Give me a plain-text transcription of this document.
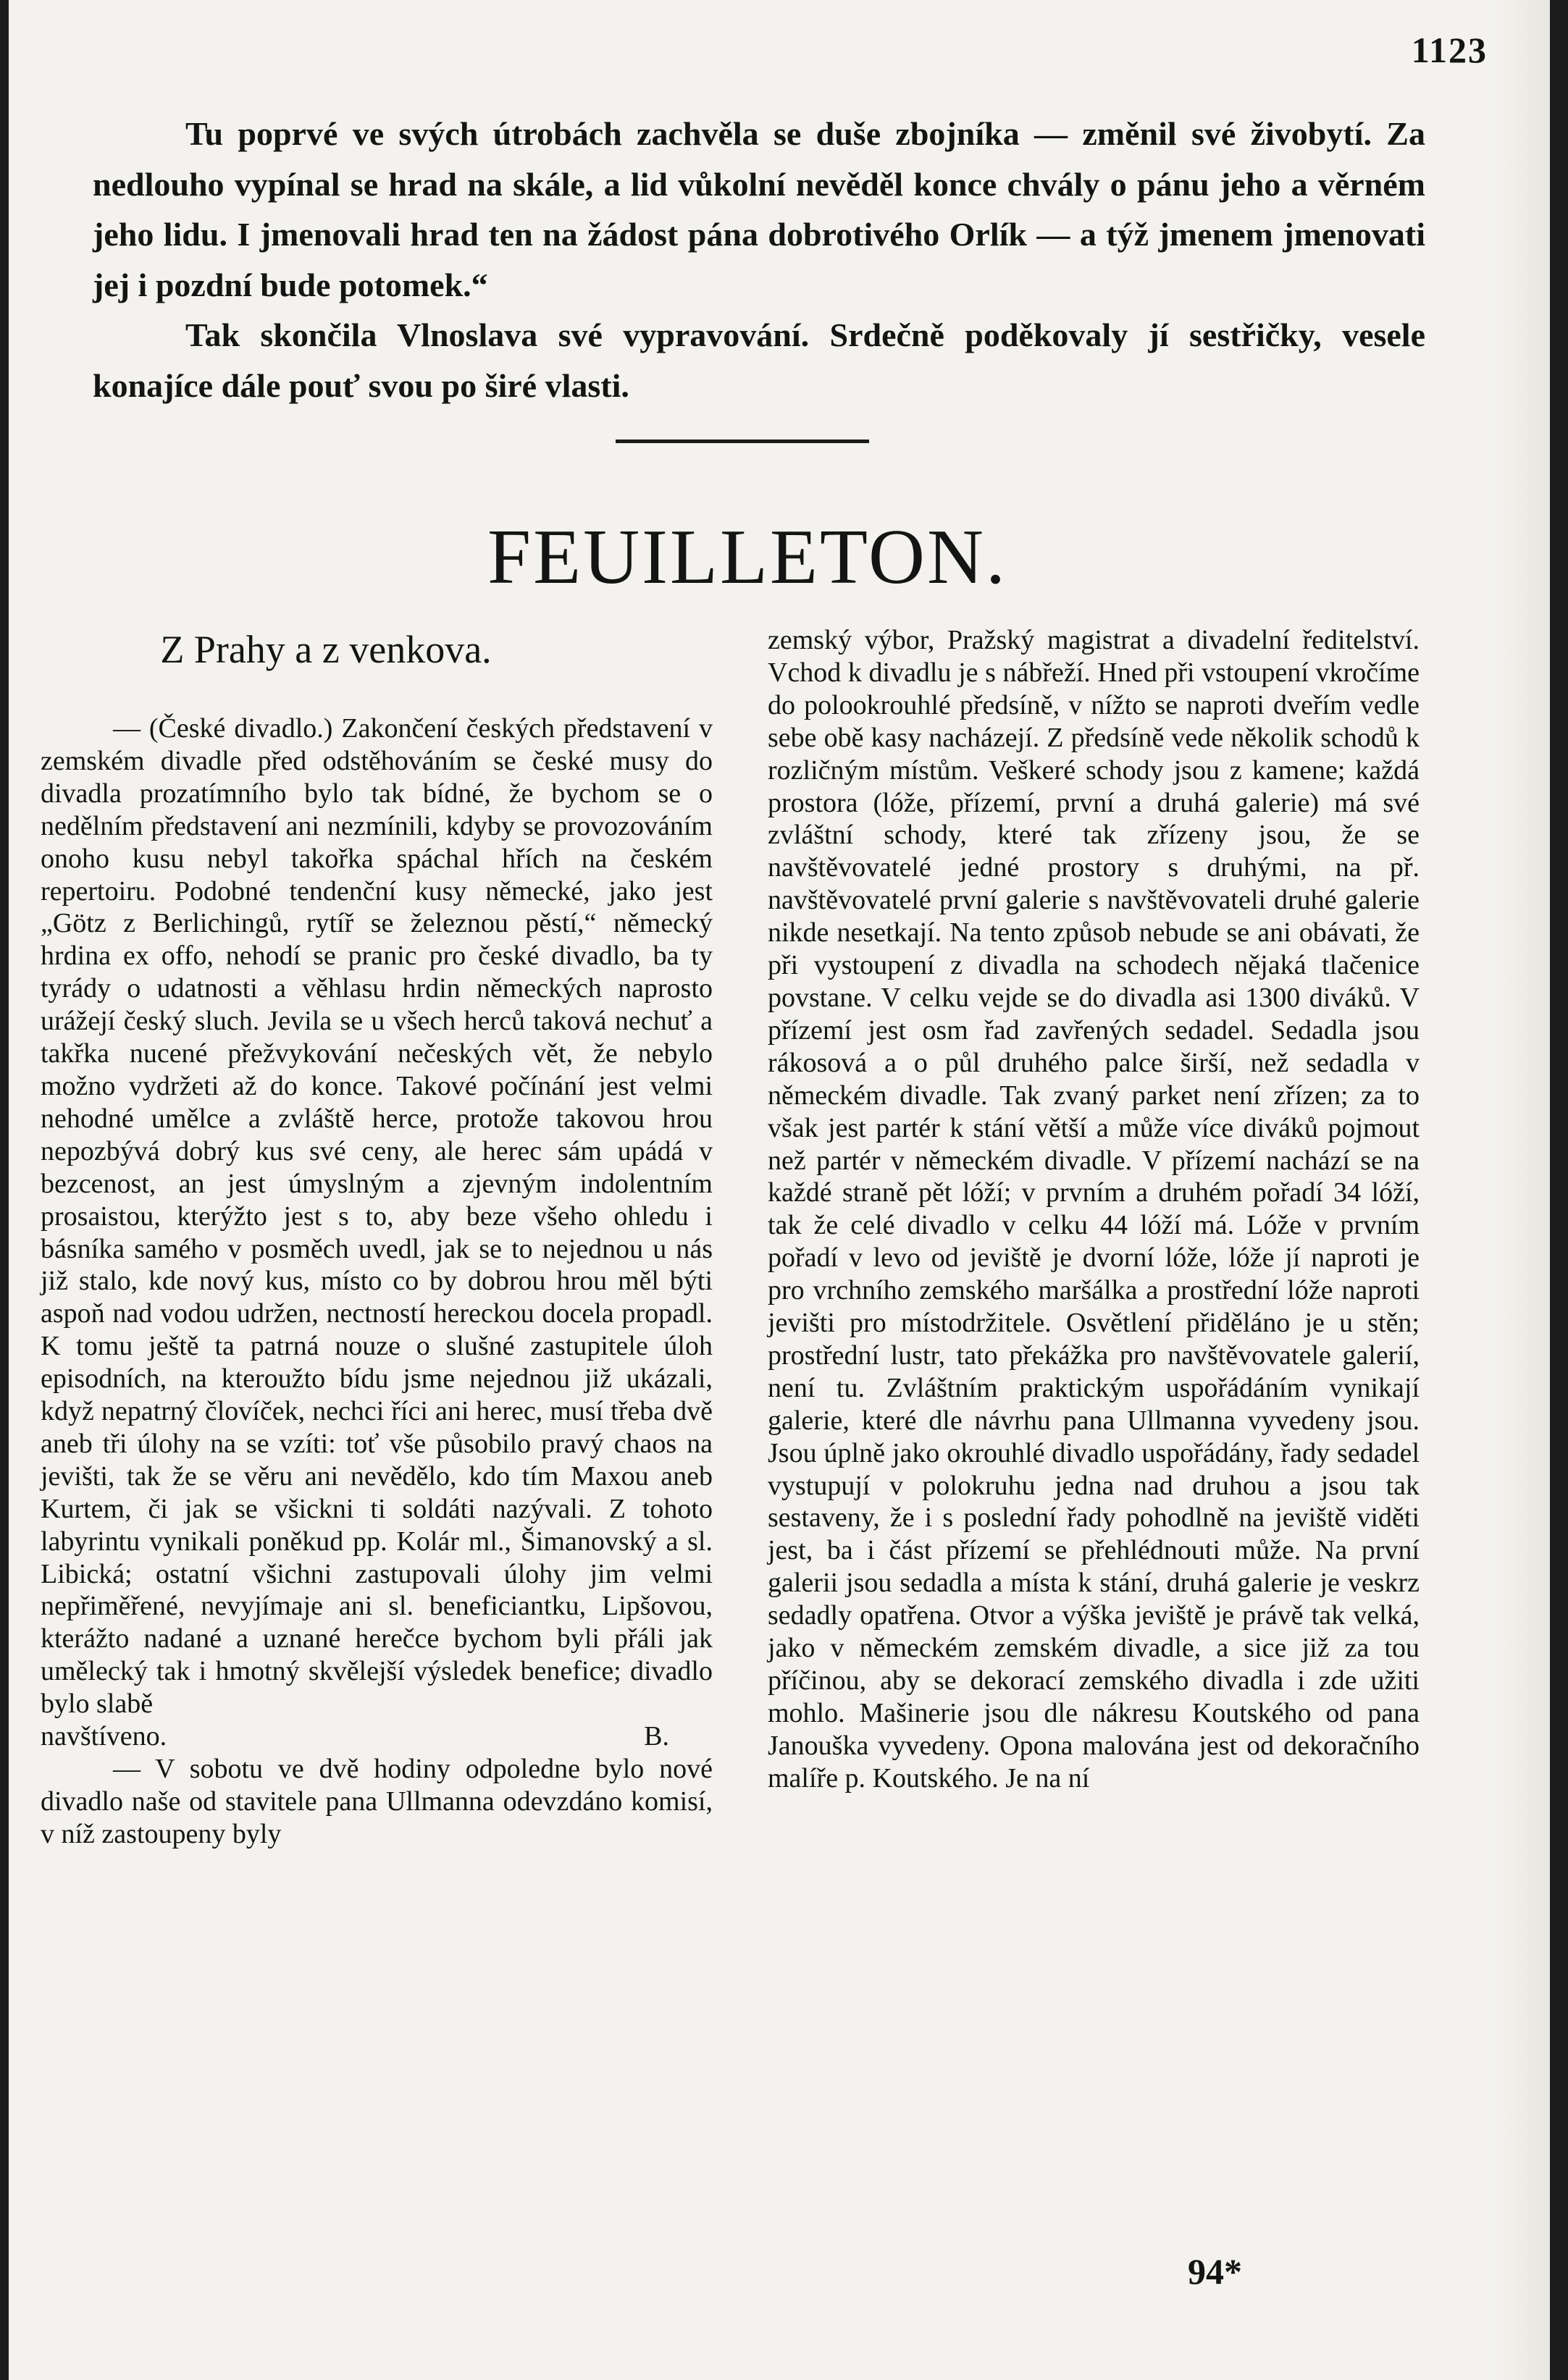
1123

Tu poprvé ve svých útrobách zachvěla se duše zbojníka — změnil své živobytí. Za nedlouho vypínal se hrad na skále, a lid vůkolní nevěděl konce chvály o pánu jeho a věrném jeho lidu. I jmenovali hrad ten na žádost pána dobrotivého Orlík — a týž jmenem jmenovati jej i pozdní bude potomek.“

Tak skončila Vlnoslava své vypravování. Srdečně poděkovaly jí sestřičky, vesele konajíce dále pouť svou po širé vlasti.

FEUILLETON.
Z Prahy a z venkova.

— (České divadlo.) Zakončení českých představení v zemském divadle před odstěhováním se české musy do divadla prozatímního bylo tak bídné, že bychom se o nedělním představení ani nezmínili, kdyby se provozováním onoho kusu nebyl takořka spáchal hřích na českém repertoiru. Podobné tendenční kusy německé, jako jest „Götz z Berlichingů, rytíř se železnou pěstí,“ německý hrdina ex offo, nehodí se pranic pro české divadlo, ba ty tyrády o udatnosti a věhlasu hrdin německých naprosto urážejí český sluch. Jevila se u všech herců taková nechuť a takřka nucené přežvykování nečeských vět, že nebylo možno vydržeti až do konce. Takové počínání jest velmi nehodné umělce a zvláště herce, protože takovou hrou nepozbývá dobrý kus své ceny, ale herec sám upádá v bezcenost, an jest úmyslným a zjevným indolentním prosaistou, kterýžto jest s to, aby beze všeho ohledu i básníka samého v posměch uvedl, jak se to nejednou u nás již stalo, kde nový kus, místo co by dobrou hrou měl býti aspoň nad vodou udržen, nectností hereckou docela propadl. K tomu ještě ta patrná nouze o slušné zastupitele úloh episodních, na kteroužto bídu jsme nejednou již ukázali, když nepatrný človíček, nechci říci ani herec, musí třeba dvě aneb tři úlohy na se vzíti: toť vše působilo pravý chaos na jevišti, tak že se věru ani nevědělo, kdo tím Maxou aneb Kurtem, či jak se všickni ti soldáti nazývali. Z tohoto labyrintu vynikali poněkud pp. Kolár ml., Šimanovský a sl. Libická; ostatní všichni zastupovali úlohy jim velmi nepřiměřené, nevyjímaje ani sl. beneficiantku, Lipšovou, kterážto nadané a uznané herečce bychom byli přáli jak umělecký tak i hmotný skvělejší výsledek benefice; divadlo bylo slabě

navštíveno.	B.

— V sobotu ve dvě hodiny odpoledne bylo nové divadlo naše od stavitele pana Ullmanna odevzdáno komisí, v níž zastoupeny byly

zemský výbor, Pražský magistrat a divadelní ředitelství. Vchod k divadlu je s nábřeží. Hned při vstoupení vkročíme do polookrouhlé předsíně, v nížto se naproti dveřím vedle sebe obě kasy nacházejí. Z předsíně vede několik schodů k rozličným místům. Veškeré schody jsou z kamene; každá prostora (lóže, přízemí, první a druhá galerie) má své zvláštní schody, které tak zřízeny jsou, že se navštěvovatelé jedné prostory s druhými, na př. navštěvovatelé první galerie s navštěvovateli druhé galerie nikde nesetkají. Na tento způsob nebude se ani obávati, že při vystoupení z divadla na schodech nějaká tlačenice povstane. V celku vejde se do divadla asi 1300 diváků. V přízemí jest osm řad zavřených sedadel. Sedadla jsou rákosová a o půl druhého palce širší, než sedadla v německém divadle. Tak zvaný parket není zřízen; za to však jest partér k stání větší a může více diváků pojmout než partér v německém divadle. V přízemí nachází se na každé straně pět lóží; v prvním a druhém pořadí 34 lóží, tak že celé divadlo v celku 44 lóží má. Lóže v prvním pořadí v levo od jeviště je dvorní lóže, lóže jí naproti je pro vrchního zemského maršálka a prostřední lóže naproti jevišti pro místodržitele. Osvětlení přiděláno je u stěn; prostřední lustr, tato překážka pro navštěvovatele galerií, není tu. Zvláštním praktickým uspořádáním vynikají galerie, které dle návrhu pana Ullmanna vyvedeny jsou. Jsou úplně jako okrouhlé divadlo uspořádány, řady sedadel vystupují v polokruhu jedna nad druhou a jsou tak sestaveny, že i s poslední řady pohodlně na jeviště viděti jest, ba i část přízemí se přehlédnouti může. Na první galerii jsou sedadla a místa k stání, druhá galerie je veskrz sedadly opatřena. Otvor a výška jeviště je právě tak velká, jako v německém zemském divadle, a sice již za tou příčinou, aby se dekorací zemského divadla i zde užiti mohlo. Mašinerie jsou dle nákresu Koutského od pana Janouška vyvedeny. Opona malována jest od dekoračního malíře p. Koutského. Je na ní

94*
